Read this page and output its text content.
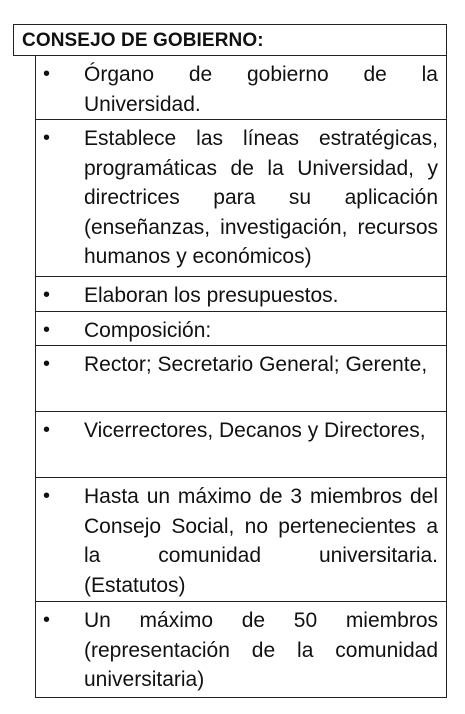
CONSEJO DE GOBIERNO:
•	Órgano de gobierno de la Universidad.
•	Establece las líneas estratégicas, programáticas de la Universidad, y directrices para su aplicación (enseñanzas, investigación, recursos humanos y económicos)
•	Elaboran los presupuestos.
•	Composición:
•	Rector; Secretario General; Gerente,
•	Vicerrectores, Decanos y Directores,
•	Hasta un máximo de 3 miembros del Consejo Social, no pertenecientes a la comunidad universitaria. (Estatutos)
•	Un máximo de 50 miembros (representación de la comunidad universitaria)
